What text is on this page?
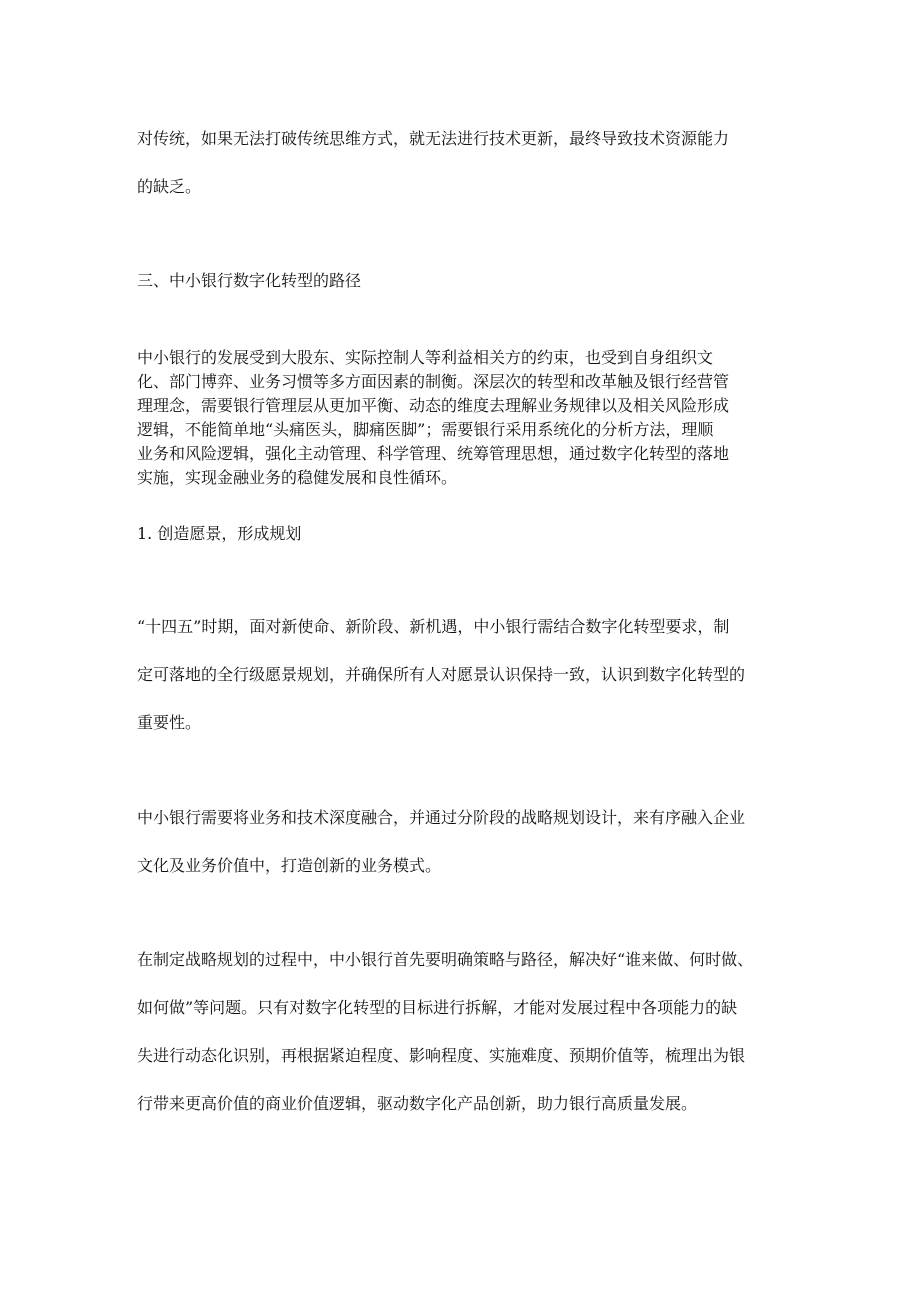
对传统，如果无法打破传统思维方式，就无法进行技术更新，最终导致技术资源能力
的缺乏。

三、中小银行数字化转型的路径

中小银行的发展受到大股东、实际控制人等利益相关方的约束，也受到自身组织文
化、部门博弈、业务习惯等多方面因素的制衡。深层次的转型和改革触及银行经营管
理理念，需要银行管理层从更加平衡、动态的维度去理解业务规律以及相关风险形成
逻辑，不能简单地“头痛医头，脚痛医脚”；需要银行采用系统化的分析方法，理顺
业务和风险逻辑，强化主动管理、科学管理、统筹管理思想，通过数字化转型的落地
实施，实现金融业务的稳健发展和良性循环。

1. 创造愿景，形成规划

“十四五”时期，面对新使命、新阶段、新机遇，中小银行需结合数字化转型要求，制
定可落地的全行级愿景规划，并确保所有人对愿景认识保持一致，认识到数字化转型的
重要性。

中小银行需要将业务和技术深度融合，并通过分阶段的战略规划设计，来有序融入企业
文化及业务价值中，打造创新的业务模式。

在制定战略规划的过程中，中小银行首先要明确策略与路径，解决好“谁来做、何时做、
如何做”等问题。只有对数字化转型的目标进行拆解，才能对发展过程中各项能力的缺
失进行动态化识别，再根据紧迫程度、影响程度、实施难度、预期价值等，梳理出为银
行带来更高价值的商业价值逻辑，驱动数字化产品创新，助力银行高质量发展。
